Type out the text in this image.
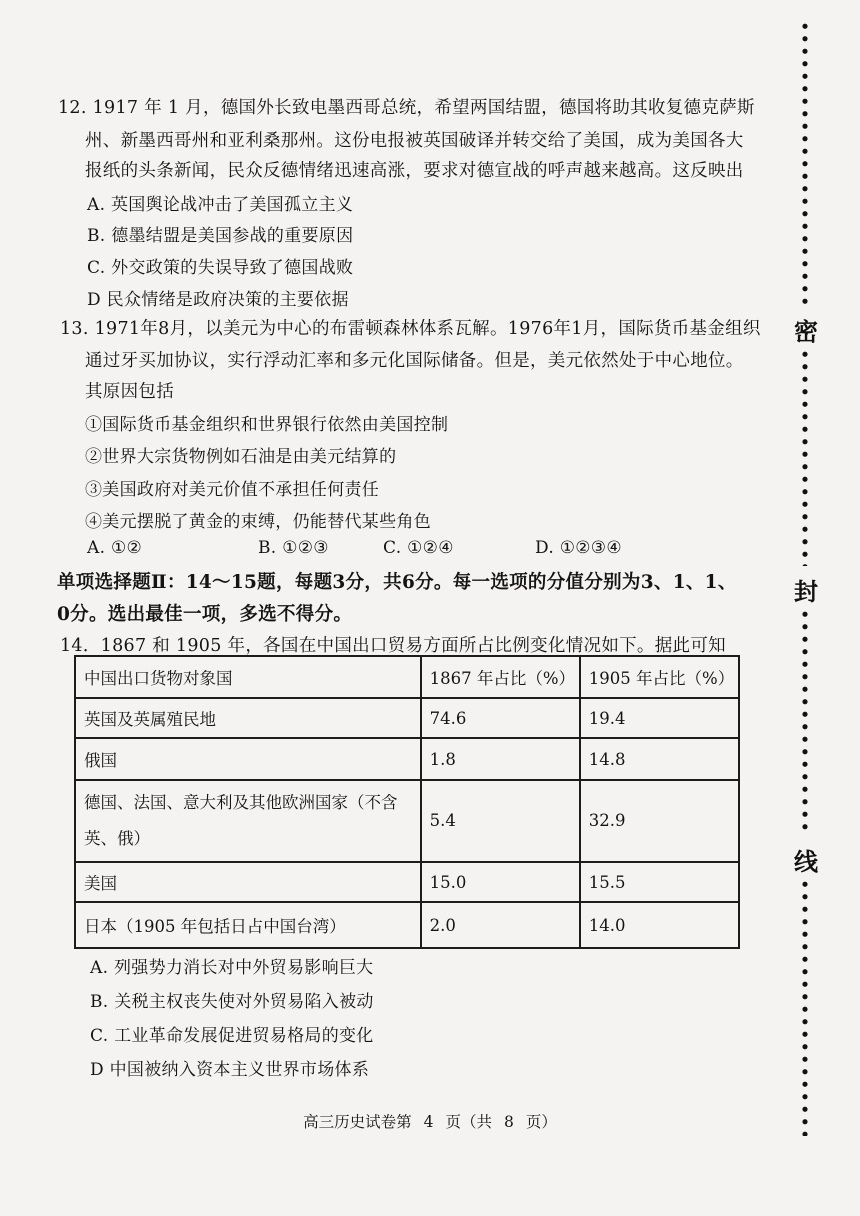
12. 1917 年 1 月，德国外长致电墨西哥总统，希望两国结盟，德国将助其收复德克萨斯
州、新墨西哥州和亚利桑那州。这份电报被英国破译并转交给了美国，成为美国各大
报纸的头条新闻，民众反德情绪迅速高涨，要求对德宣战的呼声越来越高。这反映出
A. 英国舆论战冲击了美国孤立主义
B. 德墨结盟是美国参战的重要原因
C. 外交政策的失误导致了德国战败
D 民众情绪是政府决策的主要依据
13. 1971年8月，以美元为中心的布雷顿森林体系瓦解。1976年1月，国际货币基金组织
通过牙买加协议，实行浮动汇率和多元化国际储备。但是，美元依然处于中心地位。
其原因包括
①国际货币基金组织和世界银行依然由美国控制
②世界大宗货物例如石油是由美元结算的
③美国政府对美元价值不承担任何责任
④美元摆脱了黄金的束缚，仍能替代某些角色
A. ①②	B. ①②③	C. ①②④	D. ①②③④
单项选择题Ⅱ：14～15题，每题3分，共6分。每一选项的分值分别为3、1、1、
0分。选出最佳一项，多选不得分。
14．1867 和 1905 年，各国在中国出口贸易方面所占比例变化情况如下。据此可知
中国出口货物对象国	1867 年占比（%）	1905 年占比（%）
英国及英属殖民地	74.6	19.4
俄国	1.8	14.8
德国、法国、意大利及其他欧洲国家（不含
英、俄）	5.4	32.9
美国	15.0	15.5
日本（1905 年包括日占中国台湾）	2.0	14.0
A. 列强势力消长对中外贸易影响巨大
B. 关税主权丧失使对外贸易陷入被动
C. 工业革命发展促进贸易格局的变化
D 中国被纳入资本主义世界市场体系
高三历史试卷第 4 页（共 8 页）
密
封
线
